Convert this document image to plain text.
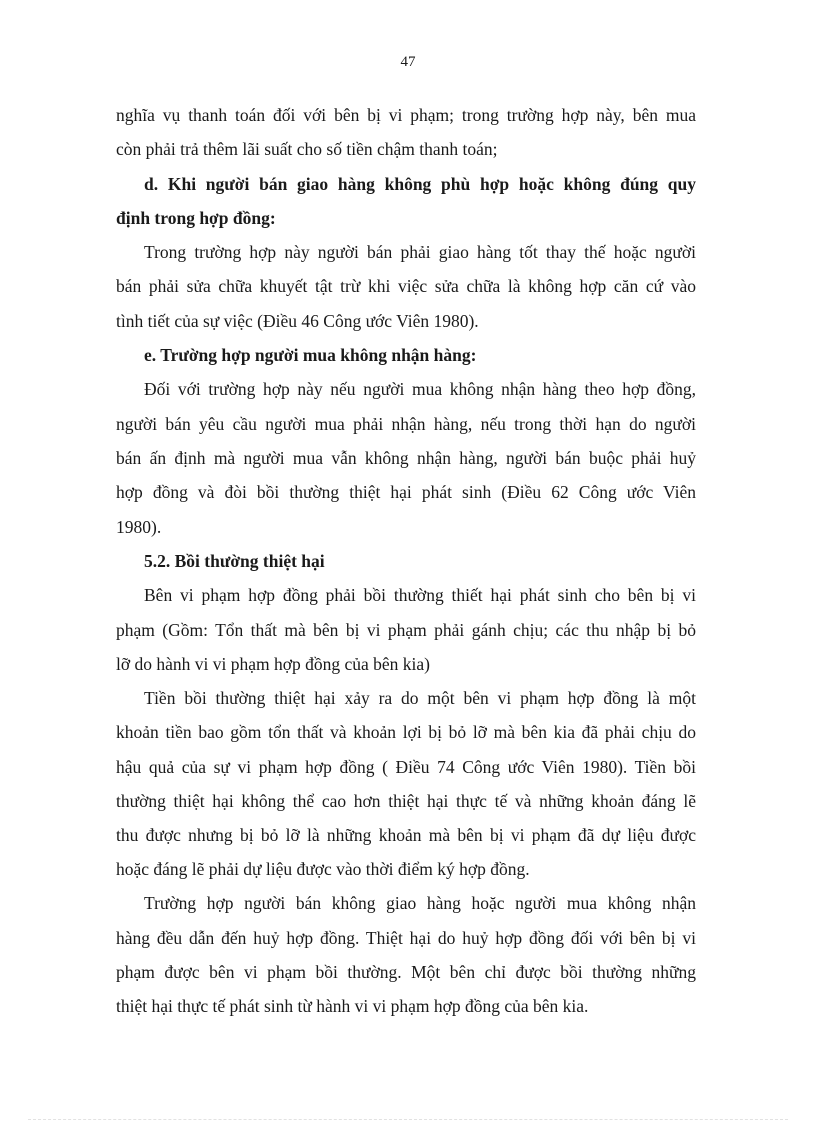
47
nghĩa vụ thanh toán đối với bên bị vi phạm; trong trường hợp này, bên mua
còn phải trả thêm lãi suất cho số tiền chậm thanh toán;
d. Khi người bán giao hàng không phù hợp hoặc không đúng quy
định trong hợp đồng:
Trong trường hợp này người bán phải giao hàng tốt thay thế hoặc người
bán phải sửa chữa khuyết tật trừ khi việc sửa chữa là không hợp căn cứ vào
tình tiết của sự việc (Điều 46 Công ước Viên 1980).
e. Trường hợp người mua không nhận hàng:
Đối với trường hợp này nếu người mua không nhận hàng theo hợp đồng,
người bán yêu cầu người mua phải nhận hàng, nếu trong thời hạn do người
bán ấn định mà người mua vẫn không nhận hàng, người bán buộc phải huỷ
hợp đồng và đòi bồi thường thiệt hại phát sinh (Điều 62 Công ước Viên
1980).
5.2. Bồi thường thiệt hại
Bên vi phạm hợp đồng phải bồi thường thiết hại phát sinh cho bên bị vi
phạm (Gồm: Tổn thất mà bên bị vi phạm phải gánh chịu; các thu nhập bị bỏ
lỡ do hành vi vi phạm hợp đồng của bên kia)
Tiền bồi thường thiệt hại xảy ra do một bên vi phạm hợp đồng là một
khoản tiền bao gồm tổn thất và khoản lợi bị bỏ lỡ mà bên kia đã phải chịu do
hậu quả của sự vi phạm hợp đồng ( Điều 74 Công ước Viên 1980). Tiền bồi
thường thiệt hại không thể cao hơn thiệt hại thực tế và những khoản đáng lẽ
thu được nhưng bị bỏ lỡ là những khoản mà bên bị vi phạm đã dự liệu được
hoặc đáng lẽ phải dự liệu được vào thời điểm ký hợp đồng.
Trường hợp người bán không giao hàng hoặc người mua không nhận
hàng đều dẫn đến huỷ hợp đồng. Thiệt hại do huỷ hợp đồng đối với bên bị vi
phạm được bên vi phạm bồi thường. Một bên chỉ được bồi thường những
thiệt hại thực tế phát sinh từ hành vi vi phạm hợp đồng của bên kia.
